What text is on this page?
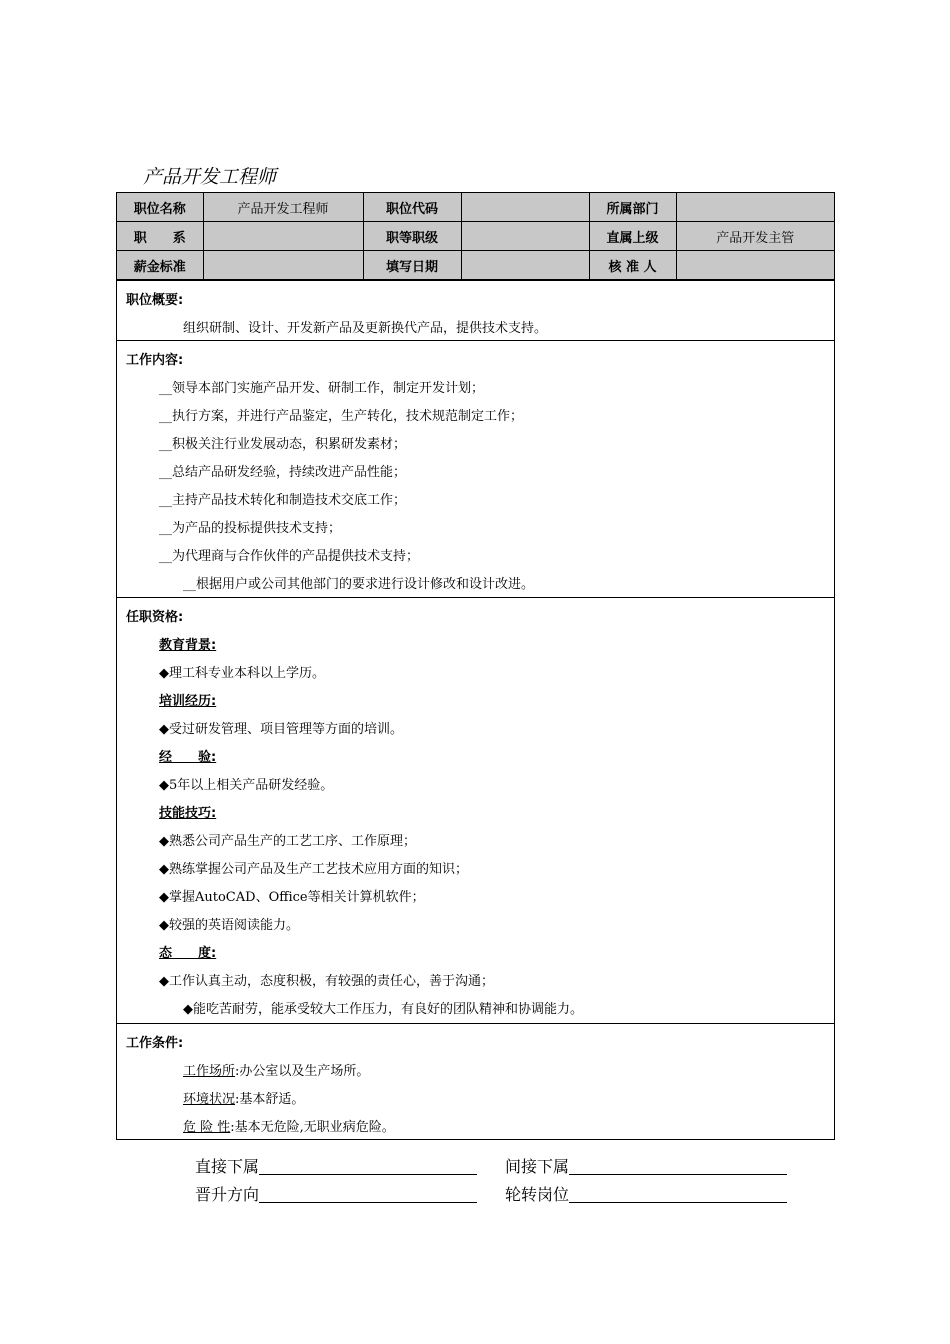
产品开发工程师
职位名称	产品开发工程师	职位代码		所属部门	
职　　系		职等职级		直属上级	产品开发主管
薪金标准		填写日期		核 准 人	
职位概要:
组织研制、设计、开发新产品及更新换代产品，提供技术支持。
工作内容:
__领导本部门实施产品开发、研制工作，制定开发计划；
__执行方案，并进行产品鉴定，生产转化，技术规范制定工作；
__积极关注行业发展动态，积累研发素材；
__总结产品研发经验，持续改进产品性能；
__主持产品技术转化和制造技术交底工作；
__为产品的投标提供技术支持；
__为代理商与合作伙伴的产品提供技术支持；
__根据用户或公司其他部门的要求进行设计修改和设计改进。
任职资格:
教育背景:
◆理工科专业本科以上学历。
培训经历:
◆受过研发管理、项目管理等方面的培训。
经　　验:
◆5年以上相关产品研发经验。
技能技巧:
◆熟悉公司产品生产的工艺工序、工作原理；
◆熟练掌握公司产品及生产工艺技术应用方面的知识；
◆掌握AutoCAD、Office等相关计算机软件；
◆较强的英语阅读能力。
态　　度:
◆工作认真主动，态度积极，有较强的责任心，善于沟通；
◆能吃苦耐劳，能承受较大工作压力，有良好的团队精神和协调能力。
工作条件:
工作场所:办公室以及生产场所。
环境状况:基本舒适。
危 险 性:基本无危险,无职业病危险。
直接下属	间接下属
晋升方向	轮转岗位
